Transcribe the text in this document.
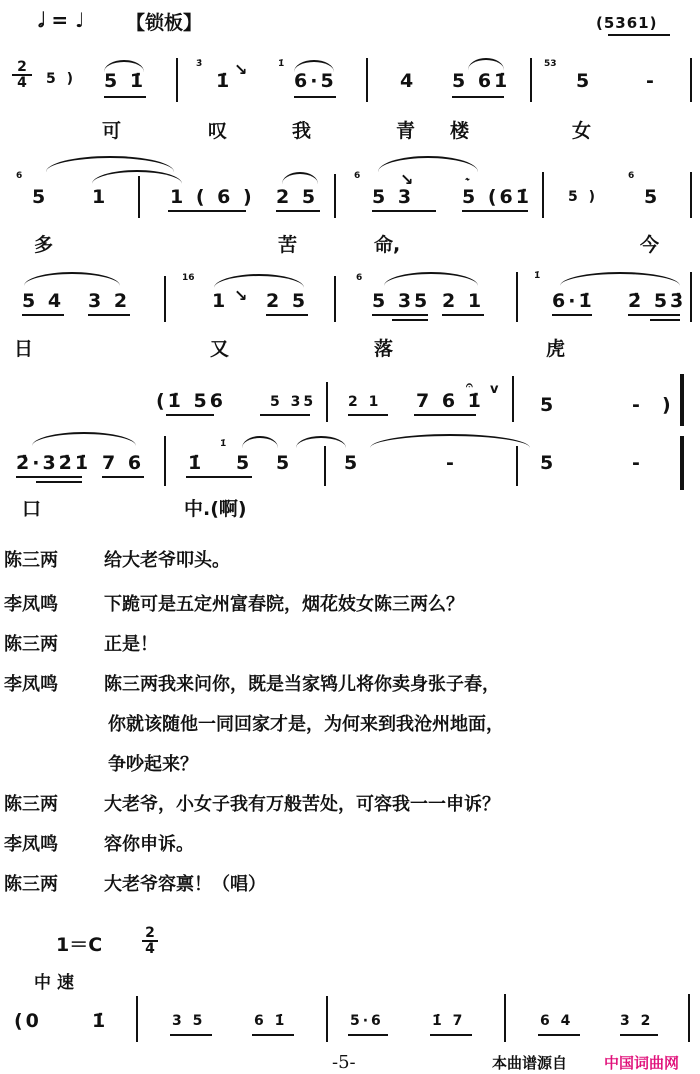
𝅗𝅥 = ♩ 【锁板】	(5361)
2
4	5 ) 5 1̇
3̇
1̇
↘	1̇
6·5	4 5 61̇
53
5	-
可	叹	我	青 楼	女
6
5 1	1 ( 6 ) 2 5
6
5 3
↘	𝆝
5 (61̇	5 )
6
5
多	苦	命,	今
5 4 3 2
16
1 ↘ 2 5
6
5 35 2 1
1̇
6·1̇ 2̇ 53̇
日	又	落	虎
(1̇ 56	5 35 2 1 7 6 1̇
𝄐 v
5	- )
2̇·32̇1̇ 7 6 1̇
1̇
5 5	5	-	5	-
口	中.(啊)
陈三两	给大老爷叩头。
李凤鸣	下跪可是五定州富春院，烟花妓女陈三两么？
陈三两	正是！
李凤鸣	陈三两我来问你，既是当家鸨儿将你卖身张子春，
你就该随他一同回家才是，为何来到我沧州地面，
争吵起来？
陈三两	大老爷，小女子我有万般苦处，可容我一一申诉？
李凤鸣	容你申诉。
陈三两	大老爷容禀！（唱）
1＝C
2
4
中速
(0	1̇	3 5	6 1̇	5·6	1̇ 7	6 4	3 2
-5-	本曲谱源自 中国词曲网
